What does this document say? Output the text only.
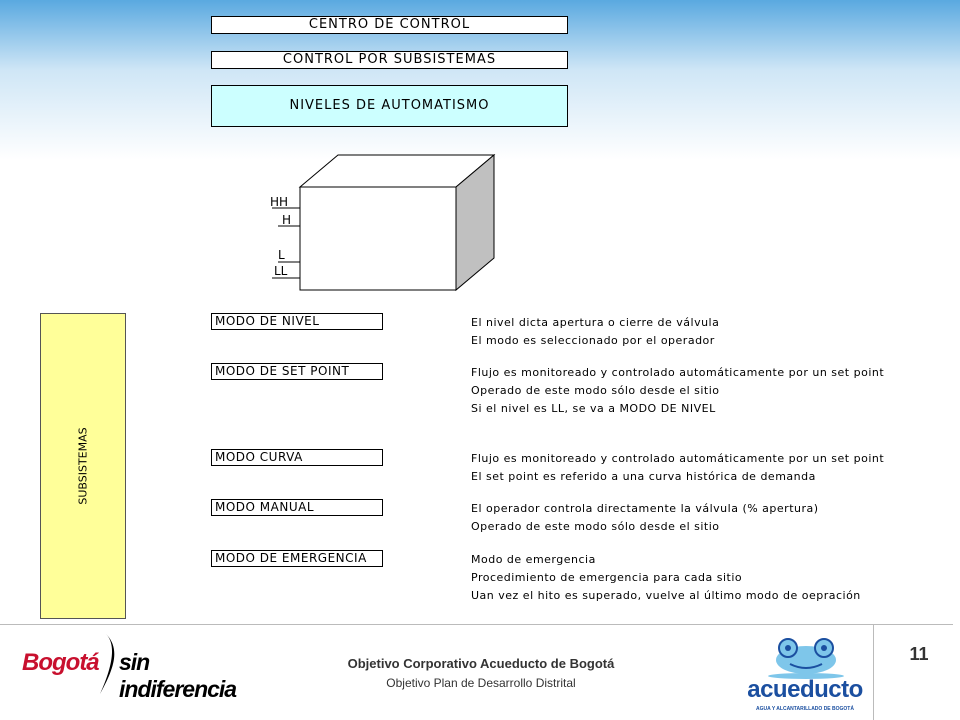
CENTRO DE CONTROL
CONTROL POR SUBSISTEMAS
NIVELES DE AUTOMATISMO
HH
H
L
LL
SUBSISTEMAS
MODO DE NIVEL	El nivel dicta apertura o cierre de válvula
El modo es seleccionado por el operador
MODO DE SET POINT	Flujo es monitoreado y controlado automáticamente por un set point
Operado de este modo sólo desde el sitio
Si el nivel es LL, se va a MODO DE NIVEL
MODO CURVA	Flujo es monitoreado y controlado automáticamente por un set point
El set point es referido a una curva histórica de demanda
MODO MANUAL	El operador controla directamente la válvula (% apertura)
Operado de este modo sólo desde el sitio
MODO DE EMERGENCIA	Modo de emergencia
Procedimiento de emergencia para cada sitio
Uan vez el hito es superado, vuelve al último modo de oepración
Bogotá sin indiferencia
Objetivo Corporativo Acueducto de Bogotá
Objetivo Plan de Desarrollo Distrital
11
acueducto
AGUA Y ALCANTARILLADO DE BOGOTÁ
